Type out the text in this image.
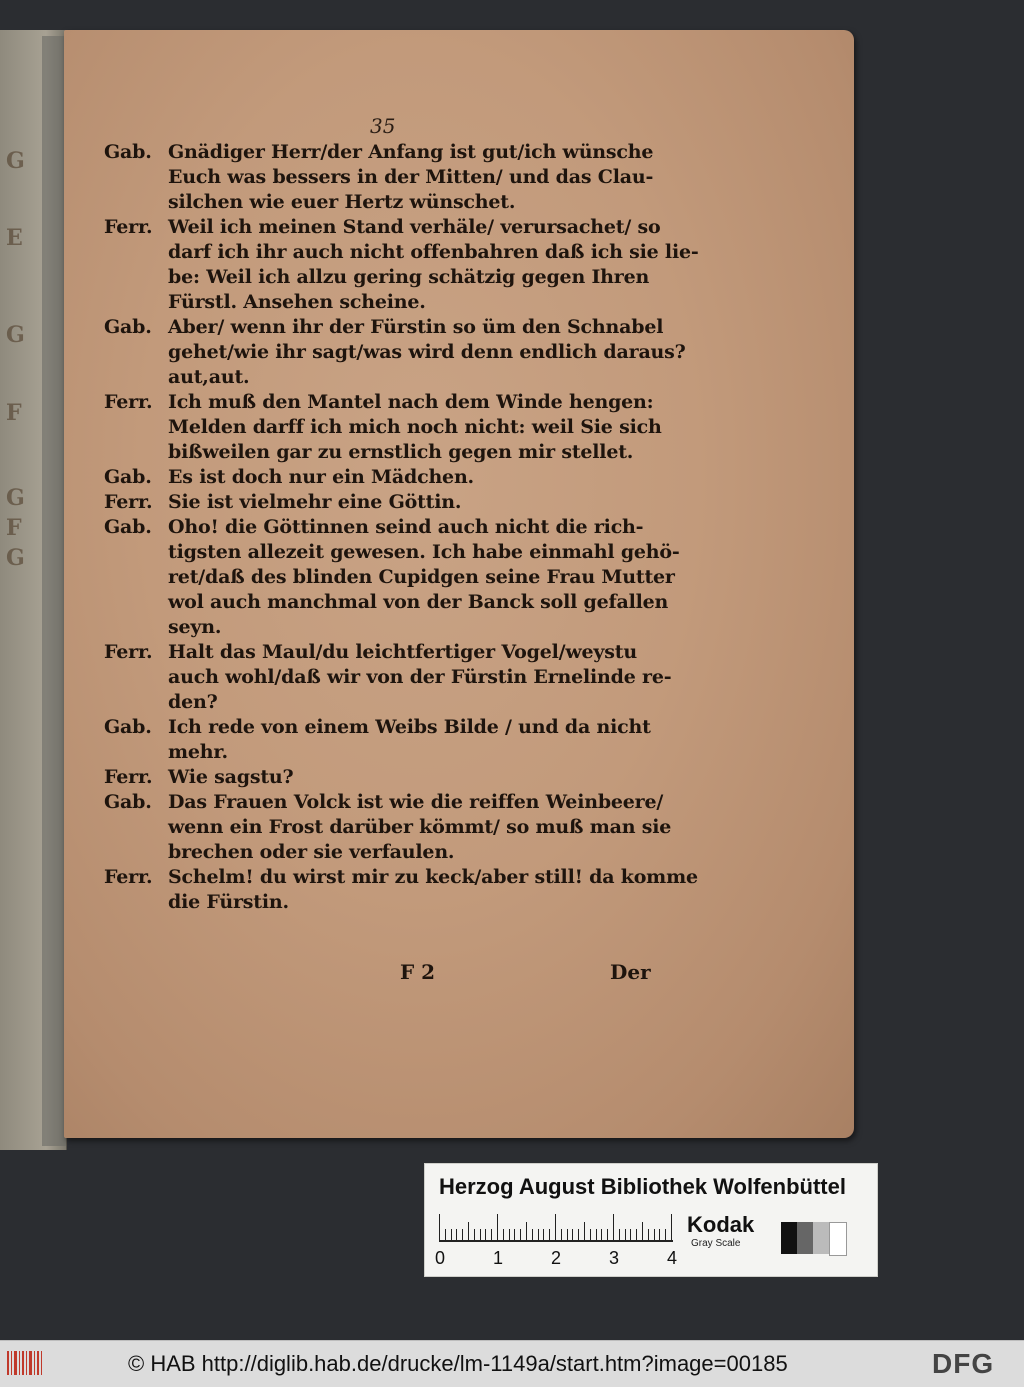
G
E
G
F
G
F
G
35
Gab. Gnädiger Herr/der Anfang ist gut/ich wünsche
Euch was bessers in der Mitten/ und das Clau-
silchen wie euer Hertz wünschet.
Ferr. Weil ich meinen Stand verhäle/ verursachet/ so
darf ich ihr auch nicht offenbahren daß ich sie lie-
be: Weil ich allzu gering schätzig gegen Ihren
Fürstl. Ansehen scheine.
Gab. Aber/ wenn ihr der Fürstin so üm den Schnabel
gehet/wie ihr sagt/was wird denn endlich daraus?
aut,aut.
Ferr. Ich muß den Mantel nach dem Winde hengen:
Melden darff ich mich noch nicht: weil Sie sich
bißweilen gar zu ernstlich gegen mir stellet.
Gab. Es ist doch nur ein Mädchen.
Ferr. Sie ist vielmehr eine Göttin.
Gab. Oho! die Göttinnen seind auch nicht die rich-
tigsten allezeit gewesen. Ich habe einmahl gehö-
ret/daß des blinden Cupidgen seine Frau Mutter
wol auch manchmal von der Banck soll gefallen
seyn.
Ferr. Halt das Maul/du leichtfertiger Vogel/weystu
auch wohl/daß wir von der Fürstin Ernelinde re-
den?
Gab. Ich rede von einem Weibs Bilde / und da nicht
mehr.
Ferr. Wie sagstu?
Gab. Das Frauen Volck ist wie die reiffen Weinbeere/
wenn ein Frost darüber kömmt/ so muß man sie
brechen oder sie verfaulen.
Ferr. Schelm! du wirst mir zu keck/aber still! da komme
die Fürstin.
F 2	Der
Herzog August Bibliothek Wolfenbüttel
0	1	2	3	4
Kodak
Gray Scale
© HAB http://diglib.hab.de/drucke/lm-1149a/start.htm?image=00185	DFG
